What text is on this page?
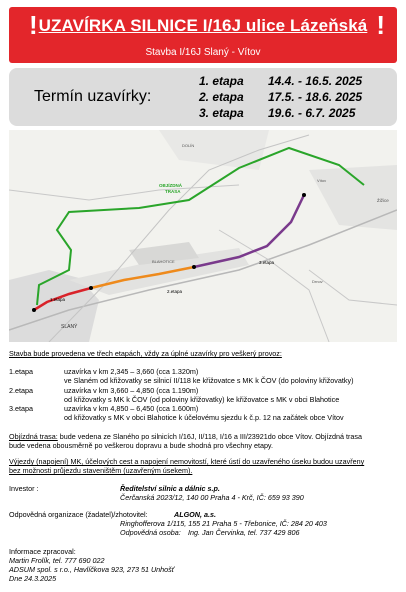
! UZAVÍRKA SILNICE I/16J ulice Lázeňská !
Stavba I/16J Slaný - Vítov
Termín uzavírky:
1. etapa 14.4. - 16.5. 2025
2. etapa 17.5. - 18.6. 2025
3. etapa 19.6. - 6.7. 2025
OBJÍZDNÁ
TRASA
DOLÍN
Vítov
Žižice
BLAHOTICE
SLANÝ
1.etapa
2.etapa
3.etapa
Drnov
Stavba bude provedena ve třech etapách, vždy za úplné uzavírky pro veškerý provoz:
1.etapa	uzavírka v km 2,345 – 3,660 (cca 1.320m)
ve Slaném od křižovatky se silnicí II/118 ke křižovatce s MK k ČOV (do poloviny křižovatky)
2.etapa	uzavírka v km 3,660 – 4,850 (cca 1.190m)
od křižovatky s MK k ČOV (od poloviny křižovatky) ke křižovatce s MK v obci Blahotice
3.etapa	uzavírka v km 4,850 – 6,450 (cca 1.600m)
od křižovatky s MK v obci Blahotice k účelovému sjezdu k č.p. 12 na začátek obce Vítov
Objízdná trasa: bude vedena ze Slaného po silnicích I/16J, II/118, I/16 a III/23921do obce Vítov. Objízdná trasa
bude vedena obousměrně po veškerou dopravu a bude shodná pro všechny etapy.
Výjezdy (napojení) MK, účelových cest a napojení nemovitostí, které ústí do uzavřeného úseku budou uzavřeny
bez možnosti průjezdu staveništěm (uzavřeným úsekem).
Investor :	Ředitelství silnic a dálnic s.p.
Čerčanská 2023/12, 140 00 Praha 4 - Krč, IČ: 659 93 390
Odpovědná organizace (žadatel)/zhotovitel:	ALGON, a.s.
Ringhofferova 1/115, 155 21 Praha 5 - Třebonice, IČ: 284 20 403
Odpovědná osoba: Ing. Jan Červinka, tel. 737 429 806
Informace zpracoval:
Martin Frolík, tel. 777 690 022
ADSUM spol. s r.o., Havlíčkova 923, 273 51 Unhošť
Dne 24.3.2025
